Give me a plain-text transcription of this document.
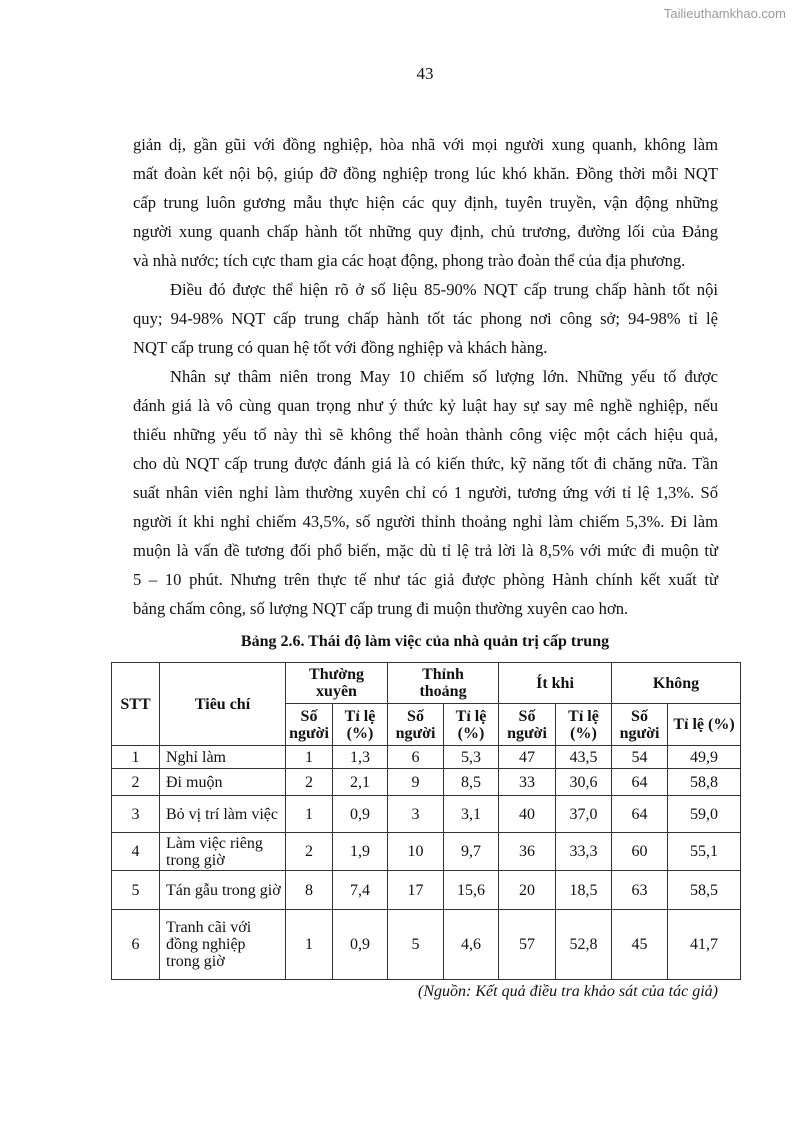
Tailieuthamkhao.com
43
giản dị, gần gũi với đồng nghiệp, hòa nhã với mọi người xung quanh, không làm
mất đoàn kết nội bộ, giúp đỡ đồng nghiệp trong lúc khó khăn. Đồng thời mỗi NQT
cấp trung luôn gương mẫu thực hiện các quy định, tuyên truyền, vận động những
người xung quanh chấp hành tốt những quy định, chủ trương, đường lối của Đảng
và nhà nước; tích cực tham gia các hoạt động, phong trào đoàn thể của địa phương.
Điều đó được thể hiện rõ ở số liệu 85-90% NQT cấp trung chấp hành tốt nội
quy; 94-98% NQT cấp trung chấp hành tốt tác phong nơi công sở; 94-98% tỉ lệ
NQT cấp trung có quan hệ tốt với đồng nghiệp và khách hàng.
Nhân sự thâm niên trong May 10 chiếm số lượng lớn. Những yếu tố được
đánh giá là vô cùng quan trọng như ý thức kỷ luật hay sự say mê nghề nghiệp, nếu
thiếu những yếu tố này thì sẽ không thể hoàn thành công việc một cách hiệu quả,
cho dù NQT cấp trung được đánh giá là có kiến thức, kỹ năng tốt đi chăng nữa. Tần
suất nhân viên nghỉ làm thường xuyên chỉ có 1 người, tương ứng với tỉ lệ 1,3%. Số
người ít khi nghỉ chiếm 43,5%, số người thỉnh thoảng nghỉ làm chiếm 5,3%. Đi làm
muộn là vấn đề tương đối phổ biến, mặc dù tỉ lệ trả lời là 8,5% với mức đi muộn từ
5 – 10 phút. Nhưng trên thực tế như tác giả được phòng Hành chính kết xuất từ
bảng chấm công, số lượng NQT cấp trung đi muộn thường xuyên cao hơn.
Bảng 2.6. Thái độ làm việc của nhà quản trị cấp trung
STT	Tiêu chí	Thường xuyên		Thỉnh thoảng		Ít khi		Không	
		Số người	Tỉ lệ (%)	Số người	Tỉ lệ (%)	Số người	Tỉ lệ (%)	Số người	Tỉ lệ (%)
1	Nghỉ làm	1	1,3	6	5,3	47	43,5	54	49,9
2	Đi muộn	2	2,1	9	8,5	33	30,6	64	58,8
3	Bỏ vị trí làm việc	1	0,9	3	3,1	40	37,0	64	59,0
4	Làm việc riêng trong giờ	2	1,9	10	9,7	36	33,3	60	55,1
5	Tán gẫu trong giờ	8	7,4	17	15,6	20	18,5	63	58,5
6	Tranh cãi với đồng nghiệp trong giờ	1	0,9	5	4,6	57	52,8	45	41,7
(Nguồn: Kết quả điều tra khảo sát của tác giả)
